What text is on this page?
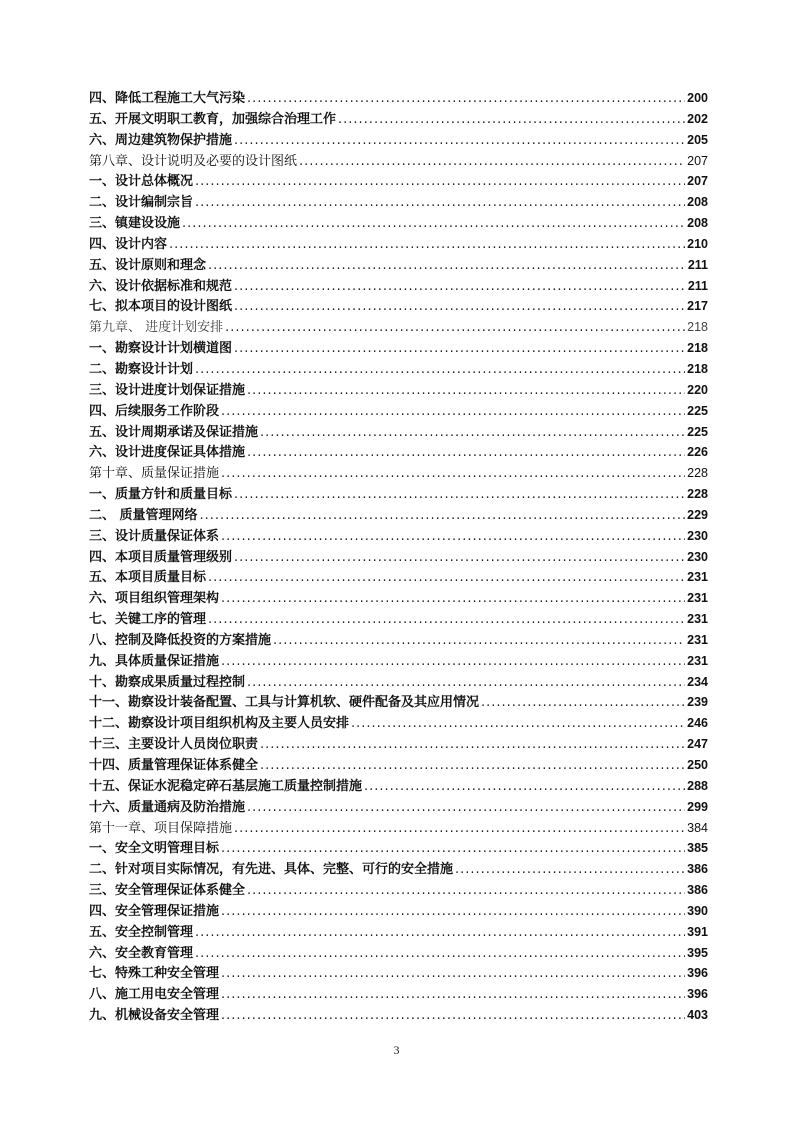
四、降低工程施工大气污染 .....	200
五、开展文明职工教育，加强综合治理工作 .....	202
六、周边建筑物保护措施 .....	205
第八章、设计说明及必要的设计图纸 .....	207
一、设计总体概况 .....	207
二、设计编制宗旨 .....	208
三、镇建设设施 .....	208
四、设计内容 .....	210
五、设计原则和理念 .....	211
六、设计依据标准和规范 .....	211
七、拟本项目的设计图纸 .....	217
第九章、 进度计划安排 .....	218
一、勘察设计计划横道图 .....	218
二、勘察设计计划 .....	218
三、设计进度计划保证措施 .....	220
四、后续服务工作阶段 .....	225
五、设计周期承诺及保证措施 .....	225
六、设计进度保证具体措施 .....	226
第十章、质量保证措施 .....	228
一、质量方针和质量目标 .....	228
二、 质量管理网络 .....	229
三、设计质量保证体系 .....	230
四、本项目质量管理级别 .....	230
五、本项目质量目标 .....	231
六、项目组织管理架构 .....	231
七、关键工序的管理 .....	231
八、控制及降低投资的方案措施 .....	231
九、具体质量保证措施 .....	231
十、勘察成果质量过程控制 .....	234
十一、勘察设计装备配置、工具与计算机软、硬件配备及其应用情况 .....	239
十二、勘察设计项目组织机构及主要人员安排 .....	246
十三、主要设计人员岗位职责 .....	247
十四、质量管理保证体系健全 .....	250
十五、保证水泥稳定碎石基层施工质量控制措施 .....	288
十六、质量通病及防治措施 .....	299
第十一章、项目保障措施 .....	384
一、安全文明管理目标 .....	385
二、针对项目实际情况，有先进、具体、完整、可行的安全措施 .....	386
三、安全管理保证体系健全 .....	386
四、安全管理保证措施 .....	390
五、安全控制管理 .....	391
六、安全教育管理 .....	395
七、特殊工种安全管理 .....	396
八、施工用电安全管理 .....	396
九、机械设备安全管理 .....	403
3
